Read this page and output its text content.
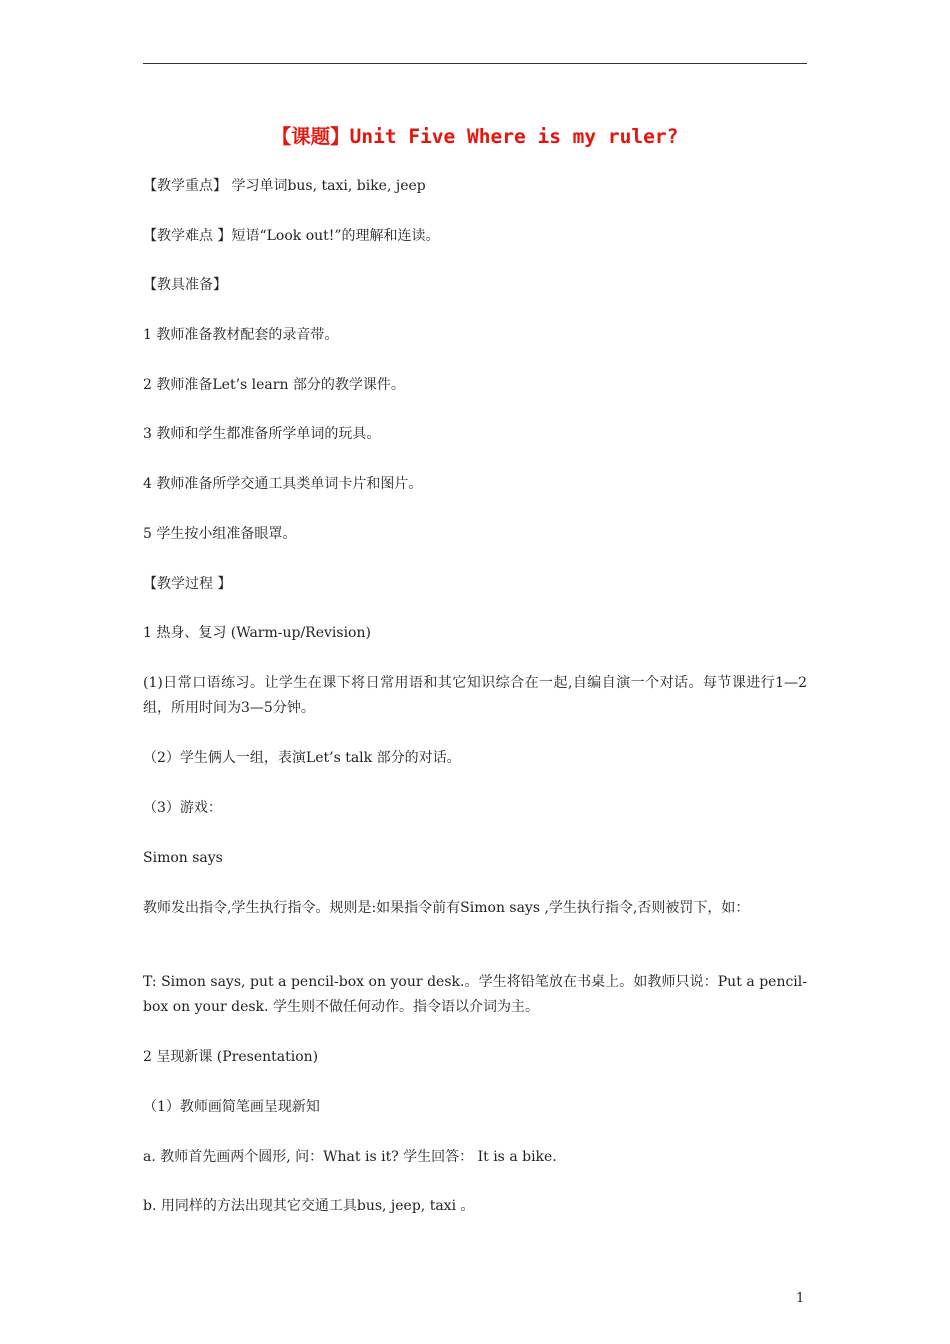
【课题】Unit Five Where is my ruler?
【教学重点】 学习单词bus, taxi, bike, jeep
【教学难点 】短语“Look out!”的理解和连读。
【教具准备】
1 教师准备教材配套的录音带。
2 教师准备Let’s learn 部分的教学课件。
3 教师和学生都准备所学单词的玩具。
4 教师准备所学交通工具类单词卡片和图片。
5 学生按小组准备眼罩。
【教学过程 】
1 热身、复习 (Warm-up/Revision)
(1)日常口语练习。让学生在课下将日常用语和其它知识综合在一起,自编自演一个对话。每节课进行1—2组，所用时间为3—5分钟。
（2）学生俩人一组，表演Let’s talk 部分的对话。
（3）游戏：
Simon says
教师发出指令,学生执行指令。规则是:如果指令前有Simon says ,学生执行指令,否则被罚下，如：
T: Simon says, put a pencil-box on your desk.。学生将铅笔放在书桌上。如教师只说：Put a pencil-box on your desk. 学生则不做任何动作。指令语以介词为主。
2 呈现新课 (Presentation)
（1）教师画简笔画呈现新知
a. 教师首先画两个圆形, 问：What is it? 学生回答： It is a bike.
b. 用同样的方法出现其它交通工具bus, jeep, taxi 。
1
